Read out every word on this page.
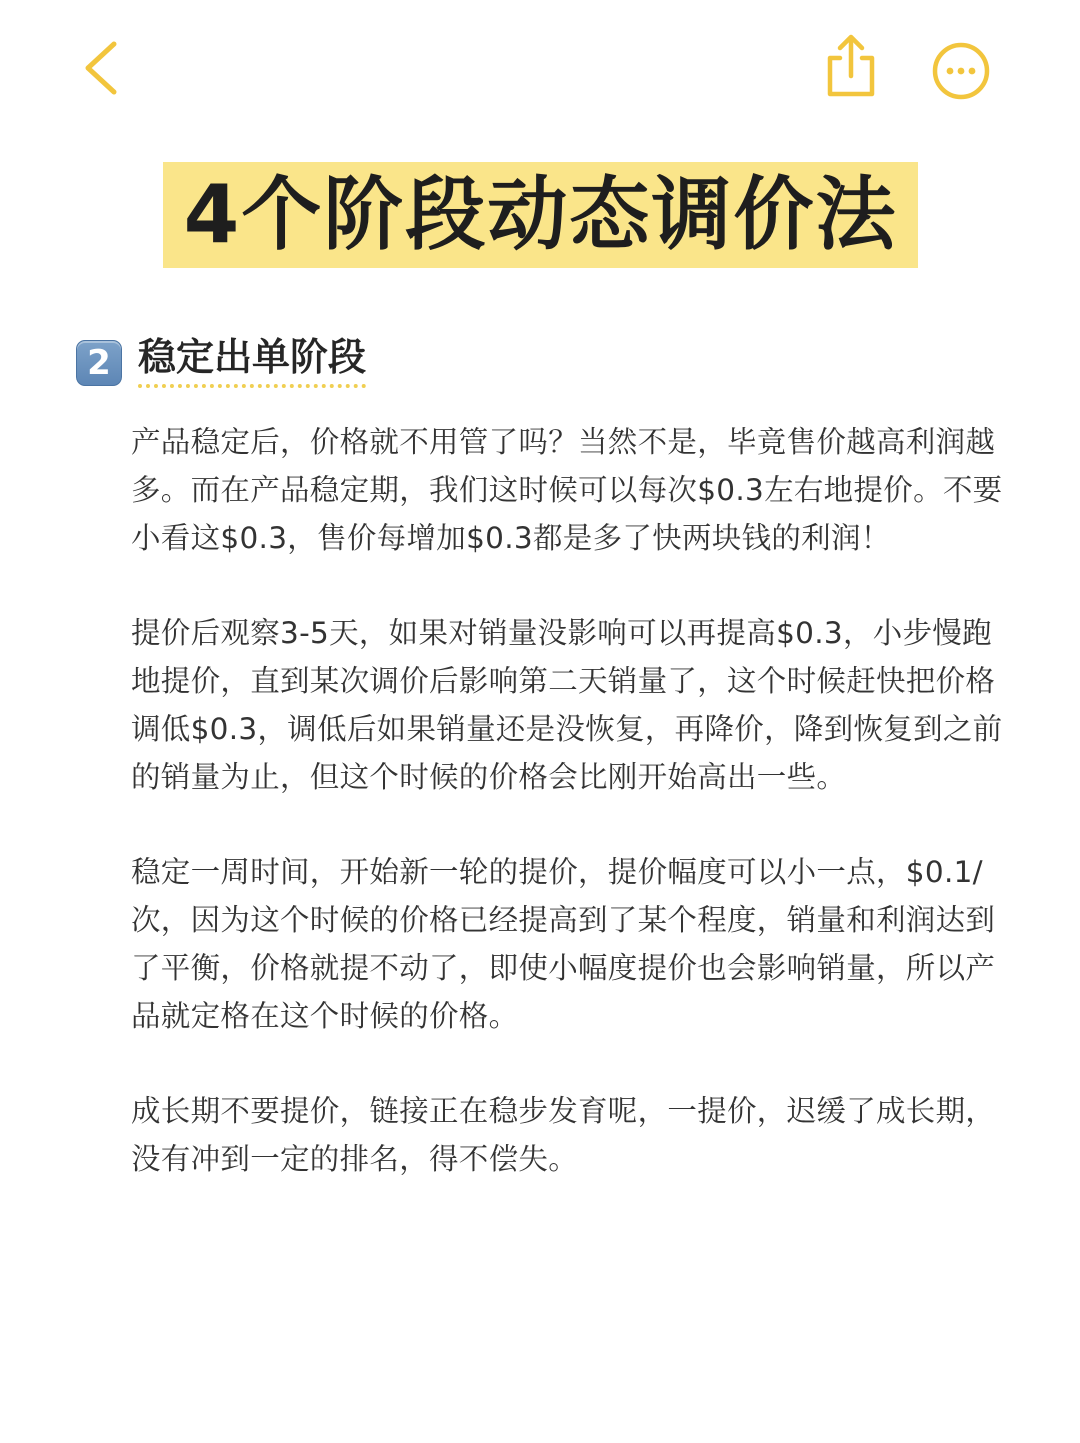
4个阶段动态调价法
2 稳定出单阶段

产品稳定后，价格就不用管了吗？当然不是，毕竟售价越高利润越多。而在产品稳定期，我们这时候可以每次$0.3左右地提价。不要小看这$0.3，售价每增加$0.3都是多了快两块钱的利润！

提价后观察3-5天，如果对销量没影响可以再提高$0.3，小步慢跑地提价，直到某次调价后影响第二天销量了，这个时候赶快把价格调低$0.3，调低后如果销量还是没恢复，再降价，降到恢复到之前的销量为止，但这个时候的价格会比刚开始高出一些。

稳定一周时间，开始新一轮的提价，提价幅度可以小一点，$0.1/次，因为这个时候的价格已经提高到了某个程度，销量和利润达到了平衡，价格就提不动了，即使小幅度提价也会影响销量，所以产品就定格在这个时候的价格。

成长期不要提价，链接正在稳步发育呢，一提价，迟缓了成长期，没有冲到一定的排名，得不偿失。
